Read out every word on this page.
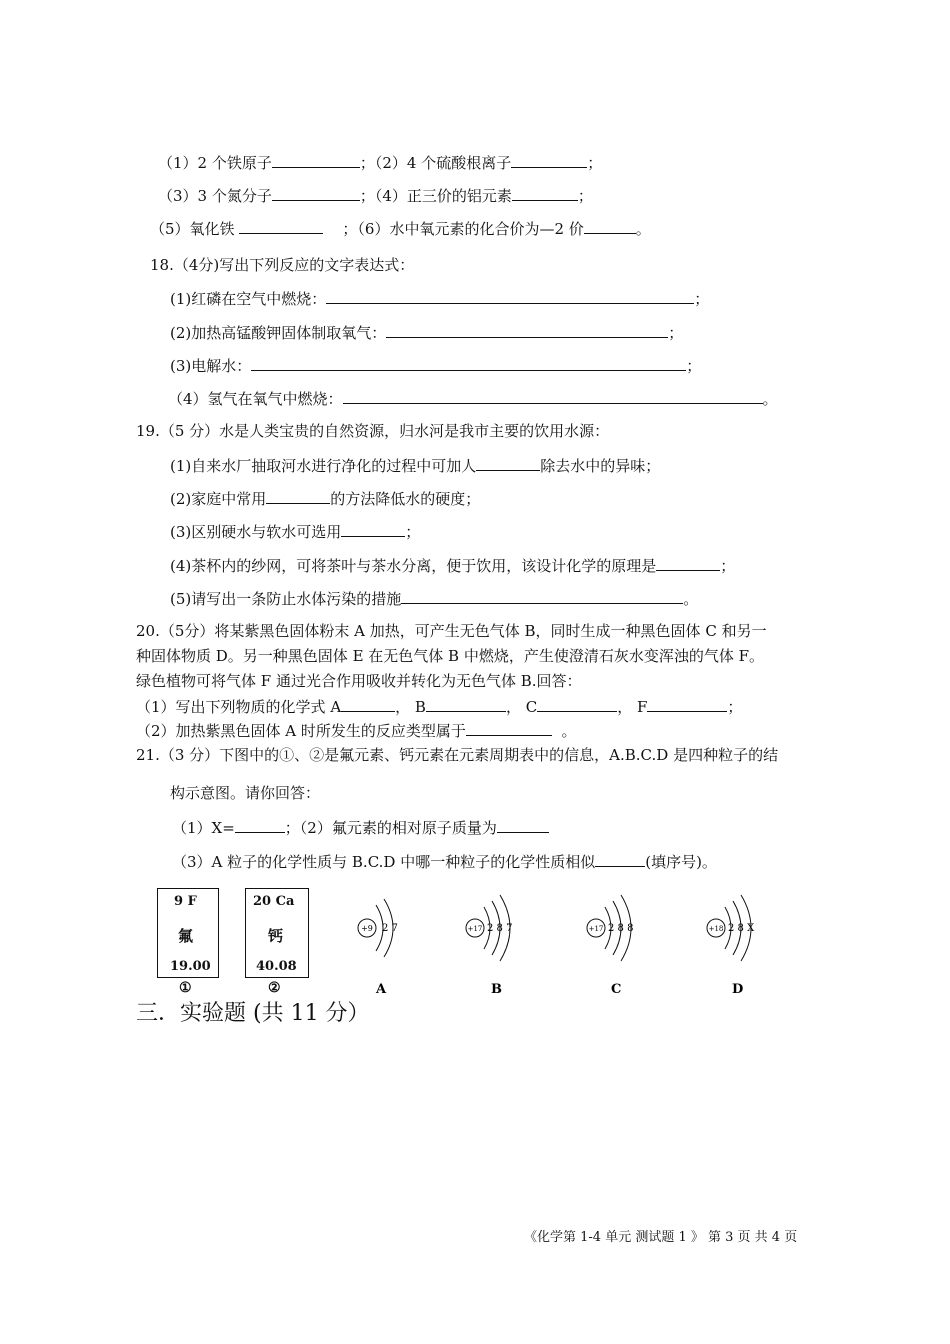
（1）2 个铁原子	；（2）4 个硫酸根离子	；
（3）3 个氮分子	；（4）正三价的铝元素	；
（5）氧化铁	；（6）水中氧元素的化合价为—2 价	。
18.（4分)写出下列反应的文字表达式：
(1)红磷在空气中燃烧：	；
(2)加热高锰酸钾固体制取氧气：	；
(3)电解水：	；
（4）氢气在氧气中燃烧：	。
19.（5 分）水是人类宝贵的自然资源，归水河是我市主要的饮用水源：
(1)自来水厂抽取河水进行净化的过程中可加人	除去水中的异味；
(2)家庭中常用	的方法降低水的硬度；
(3)区别硬水与软水可选用	；
(4)茶杯内的纱网，可将茶叶与茶水分离，便于饮用，该设计化学的原理是	；
(5)请写出一条防止水体污染的措施	。
20.（5分）将某紫黑色固体粉末 A 加热，可产生无色气体 B，同时生成一种黑色固体 C 和另一
种固体物质 D。另一种黑色固体 E 在无色气体 B 中燃烧，产生使澄清石灰水变浑浊的气体 F。
绿色植物可将气体 F 通过光合作用吸收并转化为无色气体 B.回答：
（1）写出下列物质的化学式 A	， B	， C	， F	；
（2）加热紫黑色固体 A 时所发生的反应类型属于	。
21.（3 分）下图中的①、②是氟元素、钙元素在元素周期表中的信息，A.B.C.D 是四种粒子的结
构示意图。请你回答：
（1）X=	；（2）氟元素的相对原子质量为
（3）A 粒子的化学性质与 B.C.D 中哪一种粒子的化学性质相似	(填序号)。
9 F
氟
19.00
①
20 Ca
钙
40.08
②
+9 2 7
A
+17 2 8 7
B
+17 2 8 8
C
+18 2 8 X
D
三．实验题 (共 11 分）
《化学第 1-4 单元 测试题 1 》 第 3 页 共 4 页
